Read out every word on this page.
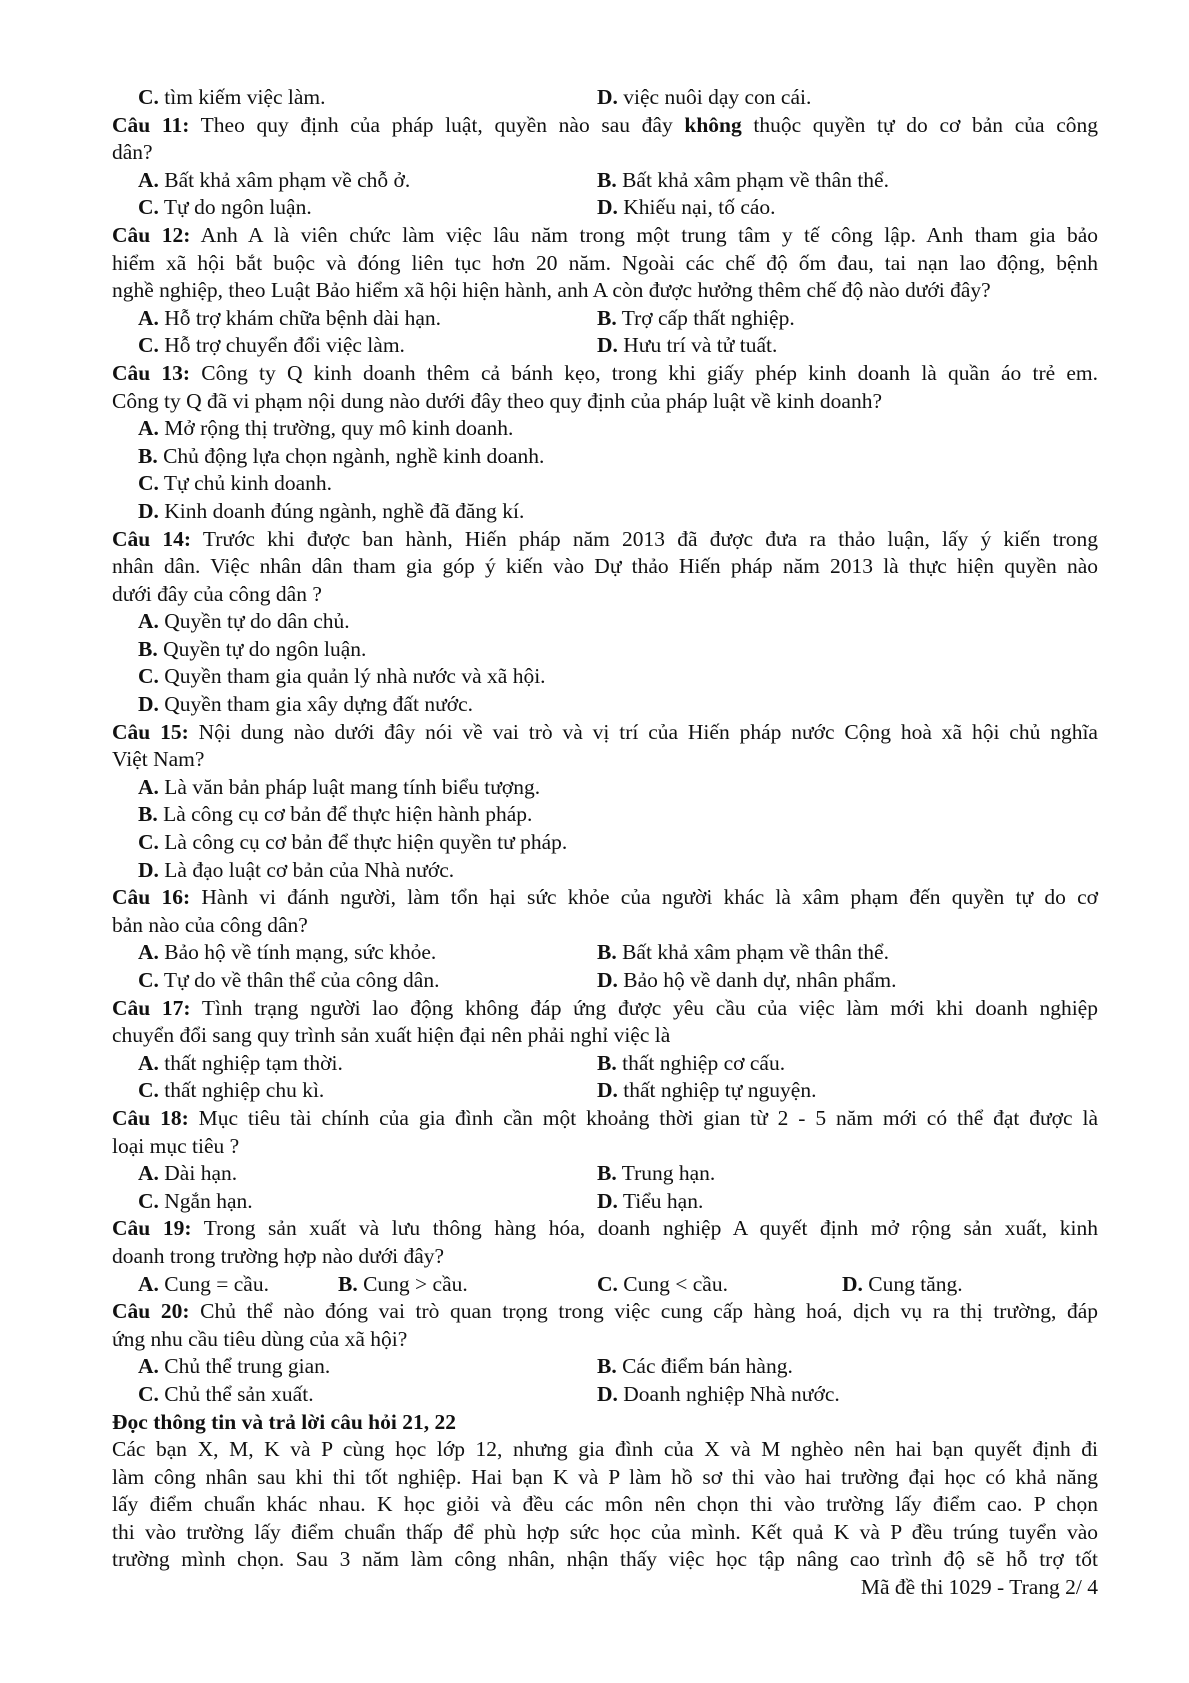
C. tìm kiếm việc làm.	D. việc nuôi dạy con cái.
Câu 11: Theo quy định của pháp luật, quyền nào sau đây không thuộc quyền tự do cơ bản của công
dân?
A. Bất khả xâm phạm về chỗ ở.	B. Bất khả xâm phạm về thân thể.
C. Tự do ngôn luận.	D. Khiếu nại, tố cáo.
Câu 12: Anh A là viên chức làm việc lâu năm trong một trung tâm y tế công lập. Anh tham gia bảo
hiểm xã hội bắt buộc và đóng liên tục hơn 20 năm. Ngoài các chế độ ốm đau, tai nạn lao động, bệnh
nghề nghiệp, theo Luật Bảo hiểm xã hội hiện hành, anh A còn được hưởng thêm chế độ nào dưới đây?
A. Hỗ trợ khám chữa bệnh dài hạn.	B. Trợ cấp thất nghiệp.
C. Hỗ trợ chuyển đổi việc làm.	D. Hưu trí và tử tuất.
Câu 13: Công ty Q kinh doanh thêm cả bánh kẹo, trong khi giấy phép kinh doanh là quần áo trẻ em.
Công ty Q đã vi phạm nội dung nào dưới đây theo quy định của pháp luật về kinh doanh?
A. Mở rộng thị trường, quy mô kinh doanh.
B. Chủ động lựa chọn ngành, nghề kinh doanh.
C. Tự chủ kinh doanh.
D. Kinh doanh đúng ngành, nghề đã đăng kí.
Câu 14: Trước khi được ban hành, Hiến pháp năm 2013 đã được đưa ra thảo luận, lấy ý kiến trong
nhân dân. Việc nhân dân tham gia góp ý kiến vào Dự thảo Hiến pháp năm 2013 là thực hiện quyền nào
dưới đây của công dân ?
A. Quyền tự do dân chủ.
B. Quyền tự do ngôn luận.
C. Quyền tham gia quản lý nhà nước và xã hội.
D. Quyền tham gia xây dựng đất nước.
Câu 15: Nội dung nào dưới đây nói về vai trò và vị trí của Hiến pháp nước Cộng hoà xã hội chủ nghĩa
Việt Nam?
A. Là văn bản pháp luật mang tính biểu tượng.
B. Là công cụ cơ bản để thực hiện hành pháp.
C. Là công cụ cơ bản để thực hiện quyền tư pháp.
D. Là đạo luật cơ bản của Nhà nước.
Câu 16: Hành vi đánh người, làm tổn hại sức khỏe của người khác là xâm phạm đến quyền tự do cơ
bản nào của công dân?
A. Bảo hộ về tính mạng, sức khỏe.	B. Bất khả xâm phạm về thân thể.
C. Tự do về thân thể của công dân.	D. Bảo hộ về danh dự, nhân phẩm.
Câu 17: Tình trạng người lao động không đáp ứng được yêu cầu của việc làm mới khi doanh nghiệp
chuyển đổi sang quy trình sản xuất hiện đại nên phải nghỉ việc là
A. thất nghiệp tạm thời.	B. thất nghiệp cơ cấu.
C. thất nghiệp chu kì.	D. thất nghiệp tự nguyện.
Câu 18: Mục tiêu tài chính của gia đình cần một khoảng thời gian từ 2 - 5 năm mới có thể đạt được là
loại mục tiêu ?
A. Dài hạn.	B. Trung hạn.
C. Ngắn hạn.	D. Tiểu hạn.
Câu 19: Trong sản xuất và lưu thông hàng hóa, doanh nghiệp A quyết định mở rộng sản xuất, kinh
doanh trong trường hợp nào dưới đây?
A. Cung = cầu.	B. Cung > cầu.	C. Cung < cầu.	D. Cung tăng.
Câu 20: Chủ thể nào đóng vai trò quan trọng trong việc cung cấp hàng hoá, dịch vụ ra thị trường, đáp
ứng nhu cầu tiêu dùng của xã hội?
A. Chủ thể trung gian.	B. Các điểm bán hàng.
C. Chủ thể sản xuất.	D. Doanh nghiệp Nhà nước.
Đọc thông tin và trả lời câu hỏi 21, 22
Các bạn X, M, K và P cùng học lớp 12, nhưng gia đình của X và M nghèo nên hai bạn quyết định đi
làm công nhân sau khi thi tốt nghiệp. Hai bạn K và P làm hồ sơ thi vào hai trường đại học có khả năng
lấy điểm chuẩn khác nhau. K học giỏi và đều các môn nên chọn thi vào trường lấy điểm cao. P chọn
thi vào trường lấy điểm chuẩn thấp để phù hợp sức học của mình. Kết quả K và P đều trúng tuyển vào
trường mình chọn. Sau 3 năm làm công nhân, nhận thấy việc học tập nâng cao trình độ sẽ hỗ trợ tốt
Mã đề thi 1029 - Trang 2/ 4
